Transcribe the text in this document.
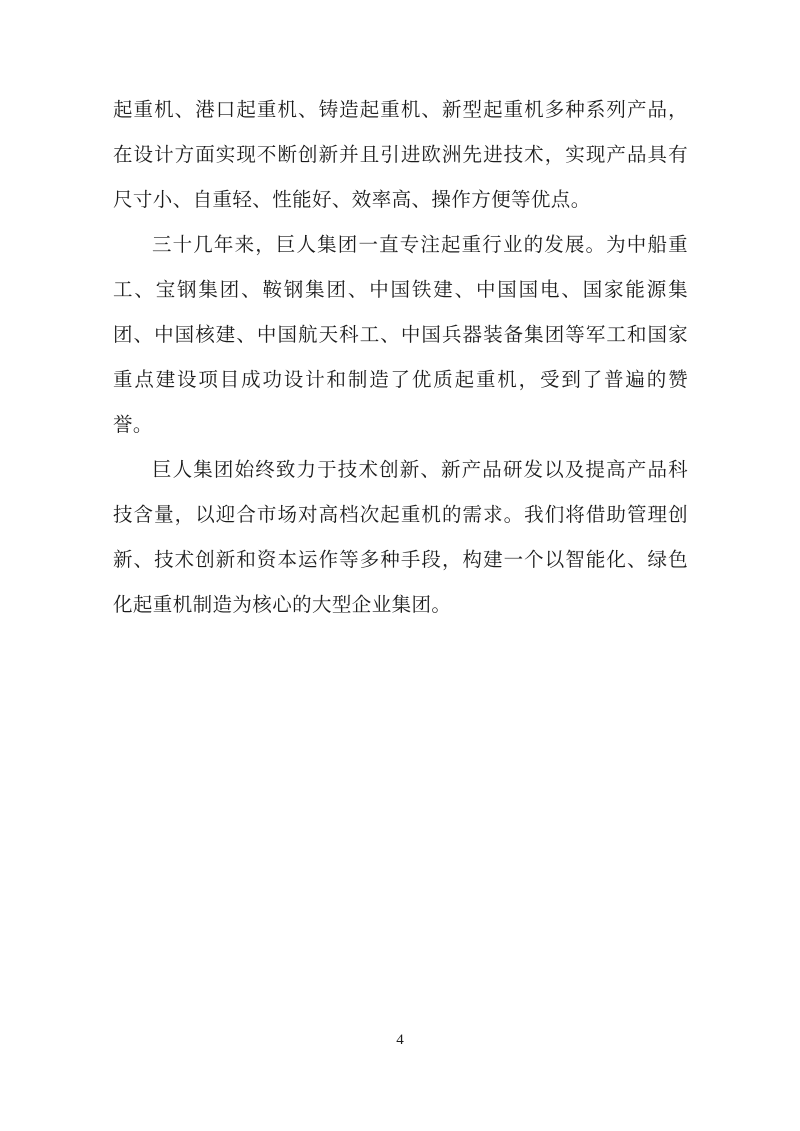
起重机、港口起重机、铸造起重机、新型起重机多种系列产品，在设计方面实现不断创新并且引进欧洲先进技术，实现产品具有尺寸小、自重轻、性能好、效率高、操作方便等优点。

三十几年来，巨人集团一直专注起重行业的发展。为中船重工、宝钢集团、鞍钢集团、中国铁建、中国国电、国家能源集团、中国核建、中国航天科工、中国兵器装备集团等军工和国家重点建设项目成功设计和制造了优质起重机，受到了普遍的赞誉。

巨人集团始终致力于技术创新、新产品研发以及提高产品科技含量，以迎合市场对高档次起重机的需求。我们将借助管理创新、技术创新和资本运作等多种手段，构建一个以智能化、绿色化起重机制造为核心的大型企业集团。

4
